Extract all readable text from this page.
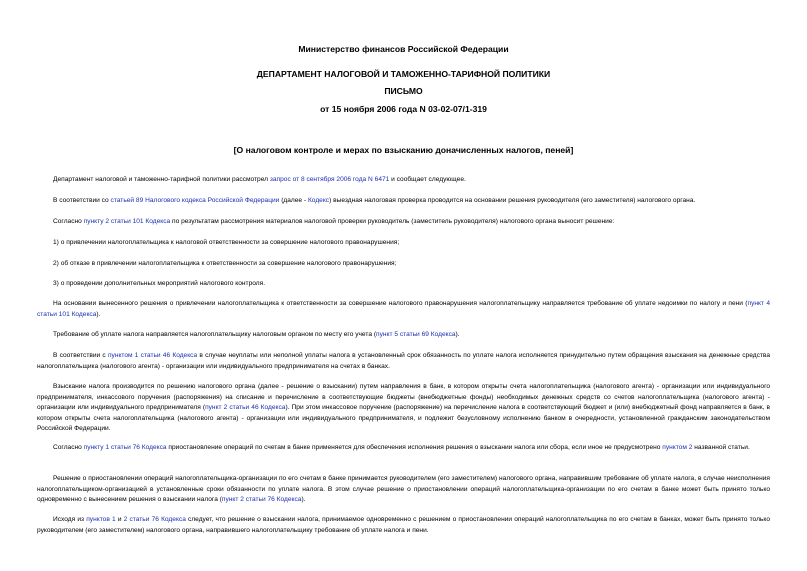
Министерство финансов Российской Федерации
ДЕПАРТАМЕНТ НАЛОГОВОЙ И ТАМОЖЕННО-ТАРИФНОЙ ПОЛИТИКИ
ПИСЬМО
от 15 ноября 2006 года N 03-02-07/1-319
[О налоговом контроле и мерах по взысканию доначисленных налогов, пеней]
Департамент налоговой и таможенно-тарифной политики рассмотрел запрос от 8 сентября 2006 года N 6471 и сообщает следующее.
В соответствии со статьей 89 Налогового кодекса Российской Федерации (далее - Кодекс) выездная налоговая проверка проводится на основании решения руководителя (его заместителя) налогового органа.
Согласно пункту 2 статьи 101 Кодекса по результатам рассмотрения материалов налоговой проверки руководитель (заместитель руководителя) налогового органа выносит решение:
1) о привлечении налогоплательщика к налоговой ответственности за совершение налогового правонарушения;
2) об отказе в привлечении налогоплательщика к ответственности за совершение налогового правонарушения;
3) о проведении дополнительных мероприятий налогового контроля.
На основании вынесенного решения о привлечении налогоплательщика к ответственности за совершение налогового правонарушения налогоплательщику направляется требование об уплате недоимки по налогу и пени (пункт 4 статьи 101 Кодекса).
Требование об уплате налога направляется налогоплательщику налоговым органом по месту его учета (пункт 5 статьи 69 Кодекса).
В соответствии с пунктом 1 статьи 46 Кодекса в случае неуплаты или неполной уплаты налога в установленный срок обязанность по уплате налога исполняется принудительно путем обращения взыскания на денежные средства налогоплательщика (налогового агента) - организации или индивидуального предпринимателя на счетах в банках.
Взыскание налога производится по решению налогового органа (далее - решение о взыскании) путем направления в банк, в котором открыты счета налогоплательщика (налогового агента) - организации или индивидуального предпринимателя, инкассового поручения (распоряжения) на списание и перечисление в соответствующие бюджеты (внебюджетные фонды) необходимых денежных средств со счетов налогоплательщика (налогового агента) - организации или индивидуального предпринимателя (пункт 2 статьи 46 Кодекса). При этом инкассовое поручение (распоряжение) на перечисление налога в соответствующий бюджет и (или) внебюджетный фонд направляется в банк, в котором открыты счета налогоплательщика (налогового агента) - организации или индивидуального предпринимателя, и подлежит безусловному исполнению банком в очередности, установленной гражданским законодательством Российской Федерации.
Согласно пункту 1 статьи 76 Кодекса приостановление операций по счетам в банке применяется для обеспечения исполнения решения о взыскании налога или сбора, если иное не предусмотрено пунктом 2 названной статьи.
Решение о приостановлении операций налогоплательщика-организации по его счетам в банке принимается руководителем (его заместителем) налогового органа, направившим требование об уплате налога, в случае неисполнения налогоплательщиком-организацией в установленные сроки обязанности по уплате налога. В этом случае решение о приостановлении операций налогоплательщика-организации по его счетам в банке может быть принято только одновременно с вынесением решения о взыскании налога (пункт 2 статьи 76 Кодекса).
Исходя из пунктов 1 и 2 статьи 76 Кодекса следует, что решение о взыскании налога, принимаемое одновременно с решением о приостановлении операций налогоплательщика по его счетам в банках, может быть принято только руководителем (его заместителем) налогового органа, направившего налогоплательщику требование об уплате налога и пени.
